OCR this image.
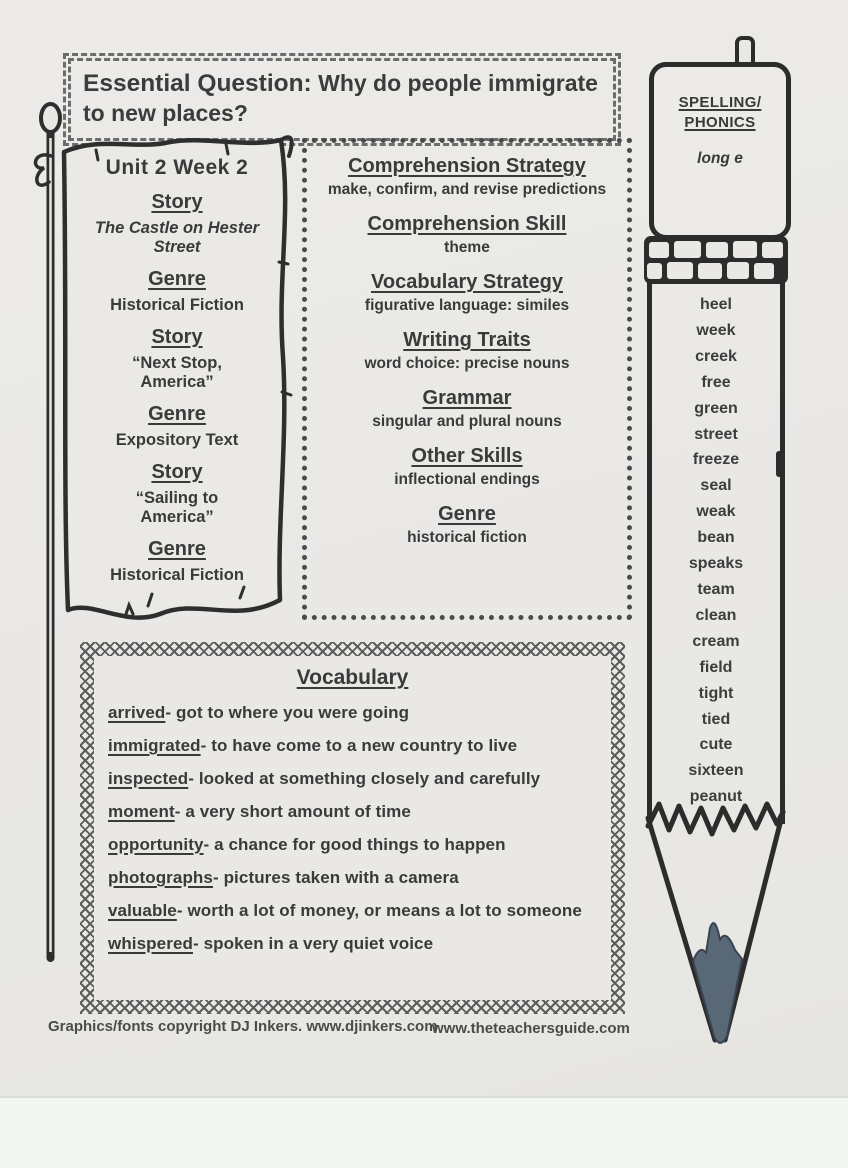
Essential Question: Why do people immigrate to new places?

Unit 2 Week 2
Story
The Castle on Hester Street
Genre
Historical Fiction
Story
“Next Stop, America”
Genre
Expository Text
Story
“Sailing to America”
Genre
Historical Fiction
Comprehension Strategy
make, confirm, and revise predictions
Comprehension Skill
theme
Vocabulary Strategy
figurative language: similes
Writing Traits
word choice: precise nouns
Grammar
singular and plural nouns
Other Skills
inflectional endings
Genre
historical fiction
Vocabulary
arrived- got to where you were going
immigrated- to have come to a new country to live
inspected- looked at something closely and carefully
moment- a very short amount of time
opportunity- a chance for good things to happen
photographs- pictures taken with a camera
valuable- worth a lot of money, or means a lot to someone
whispered- spoken in a very quiet voice
SPELLING/
PHONICS
long e
heel
week
creek
free
green
street
freeze
seal
weak
bean
speaks
team
clean
cream
field
tight
tied
cute
sixteen
peanut
Graphics/fonts copyright DJ Inkers. www.djinkers.com
www.theteachersguide.com
